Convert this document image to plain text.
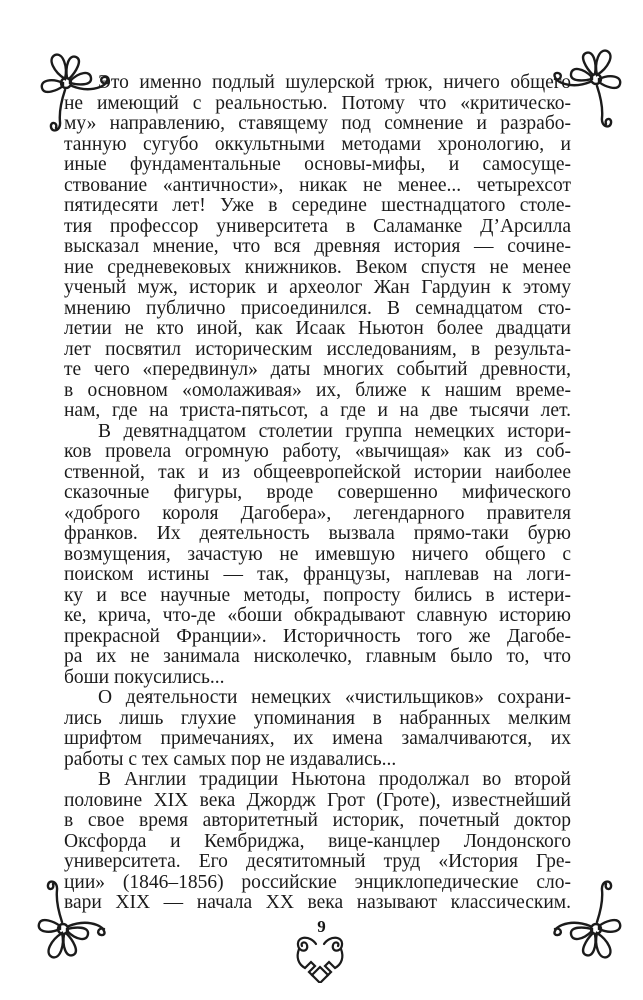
Это именно подлый шулерской трюк, ничего общего
не имеющий с реальностью. Потому что «критическо-
му» направлению, ставящему под сомнение и разрабо-
танную сугубо оккультными методами хронологию, и
иные фундаментальные основы-мифы, и самосуще-
ствование «античности», никак не менее... четырехсот
пятидесяти лет! Уже в середине шестнадцатого столе-
тия профессор университета в Саламанке Д’Арсилла
высказал мнение, что вся древняя история — сочине-
ние средневековых книжников. Веком спустя не менее
ученый муж, историк и археолог Жан Гардуин к этому
мнению публично присоединился. В семнадцатом сто-
летии не кто иной, как Исаак Ньютон более двадцати
лет посвятил историческим исследованиям, в результа-
те чего «передвинул» даты многих событий древности,
в основном «омолаживая» их, ближе к нашим време-
нам, где на триста-пятьсот, а где и на две тысячи лет.
В девятнадцатом столетии группа немецких истори-
ков провела огромную работу, «вычищая» как из соб-
ственной, так и из общеевропейской истории наиболее
сказочные фигуры, вроде совершенно мифического
«доброго короля Дагобера», легендарного правителя
франков. Их деятельность вызвала прямо-таки бурю
возмущения, зачастую не имевшую ничего общего с
поиском истины — так, французы, наплевав на логи-
ку и все научные методы, попросту бились в истери-
ке, крича, что-де «боши обкрадывают славную историю
прекрасной Франции». Историчность того же Дагобе-
ра их не занимала нисколечко, главным было то, что
боши покусились...
О деятельности немецких «чистильщиков» сохрани-
лись лишь глухие упоминания в набранных мелким
шрифтом примечаниях, их имена замалчиваются, их
работы с тех самых пор не издавались...
В Англии традиции Ньютона продолжал во второй
половине XIX века Джордж Грот (Гроте), известнейший
в свое время авторитетный историк, почетный доктор
Оксфорда и Кембриджа, вице-канцлер Лондонского
университета. Его десятитомный труд «История Гре-
ции» (1846–1856) российские энциклопедические сло-
вари XIX — начала XX века называют классическим.
9
